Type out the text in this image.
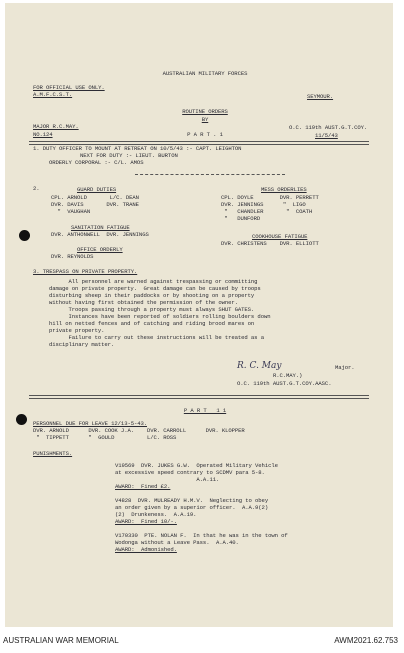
AUSTRALIAN MILITARY FORCES
FOR OFFICIAL USE ONLY.
A.M.F.C.S.T.	SEYMOUR.
ROUTINE ORDERS
BY
MAJOR R.C.MAY.
NO.124	P A R T . 1
O.C. 119th AUST.G.T.COY.
11/5/43
1. DUTY OFFICER TO MOUNT AT RETREAT ON 10/5/43 :- CAPT. LEIGHTON
NEXT FOR DUTY :- LIEUT. BURTON
ORDERLY CORPORAL :- C/L. AMOS
2.	GUARD DUTIES
CPL. ARNOLD       L/C. DEAN
DVR. DAVIS       DVR. TRANE
"  VAUGHAN
MESS ORDERLIES
CPL. DOYLE        DVR. PERRETT
DVR. JENNINGS      "  LIGO
"   CHANDLER       "  COATH
"   DUNFORD
SANITATION FATIGUE
DVR. ANTHONWELL  DVR. JENNINGS	COOKHOUSE FATIGUE
DVR. CHRISTENS    DVR. ELLIOTT
OFFICE ORDERLY
DVR. REYNOLDS
3. TRESPASS ON PRIVATE PROPERTY.
All personnel are warned against trespassing or committing
damage on private property.  Great damage can be caused by troops
disturbing sheep in their paddocks or by shooting on a property
without having first obtained the permission of the owner.
Troops passing through a property must always SHUT GATES.
Instances have been reported of soldiers rolling boulders down
hill on netted fences and of catching and riding brood mares on
private property.
Failure to carry out these instructions will be treated as a
disciplinary matter.
R. C. May	Major.
R.C.MAY.)
O.C. 119th AUST.G.T.COY.AASC.
P A R T   1 1
PERSONNEL DUE FOR LEAVE 12/13-5-43.
DVR. ARNOLD      DVR. COOK J.A.    DVR. CARROLL      DVR. KLOPPER
"  TIPPETT      "  GOULD          L/C. ROSS
PUNISHMENTS.
V19569  DVR. JUKES G.W.  Operated Military Vehicle
at excessive speed contrary to SCDMV para 5-8.
A.A.11.
AWARD:  Fined £2.
V4828  DVR. MULREADY H.M.V.  Neglecting to obey
an order given by a superior officer.  A.A.9(2)
(2)  Drunkeness.  A.A.19.
AWARD:  Fined 10/-.
V170330  PTE. NOLAN F.  In that he was in the town of
Wodonga without a Leave Pass.  A.A.40.
AWARD:  Admonished.
AUSTRALIAN WAR MEMORIAL	AWM2021.62.753
